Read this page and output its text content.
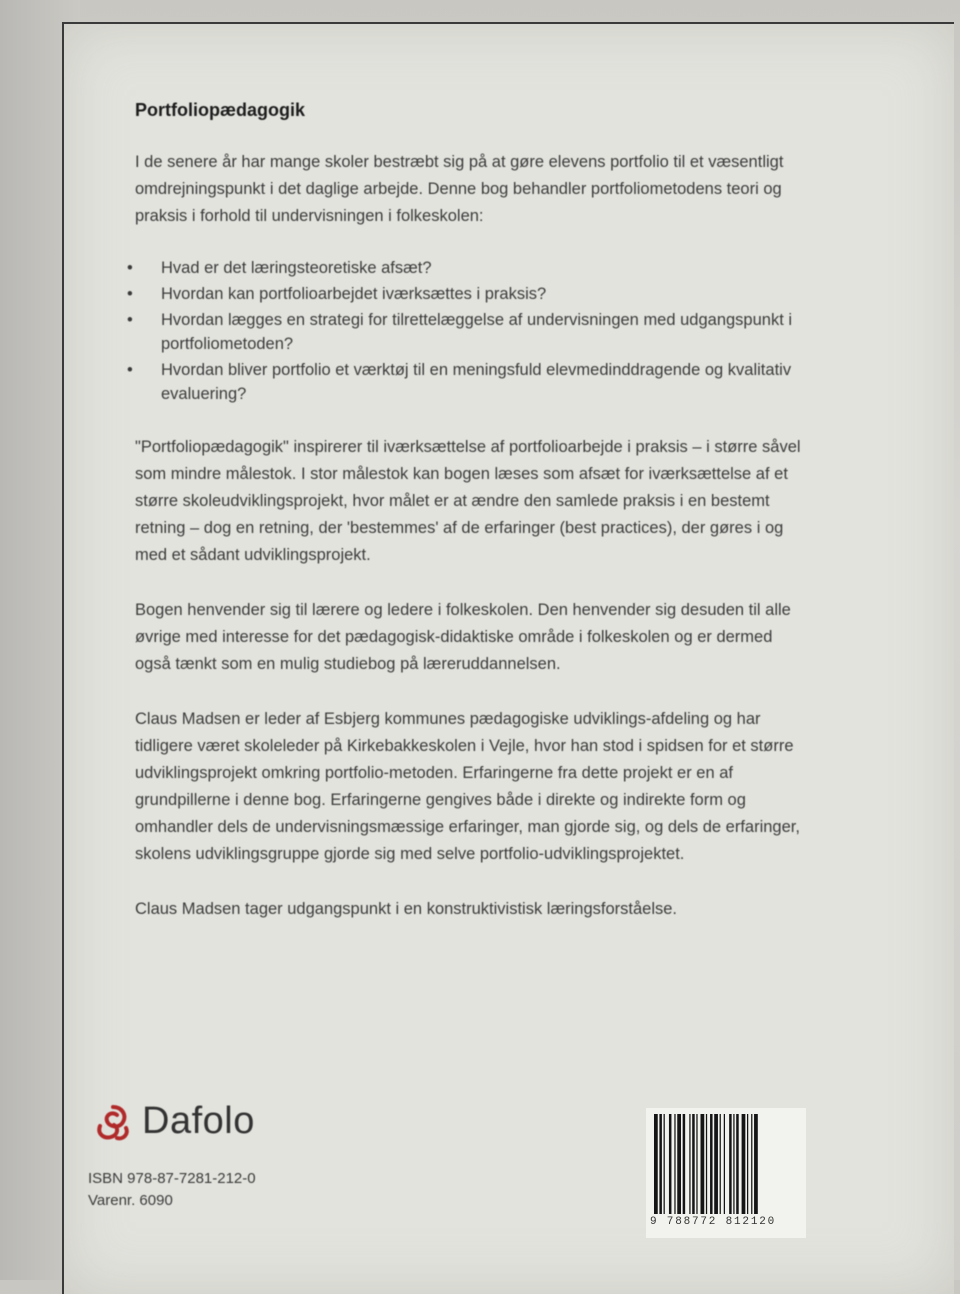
Portfoliopædagogik

I de senere år har mange skoler bestræbt sig på at gøre elevens portfolio til et væsentligt omdrejningspunkt i det daglige arbejde. Denne bog behandler portfoliometodens teori og praksis i forhold til undervisningen i folkeskolen:

• Hvad er det læringsteoretiske afsæt?
• Hvordan kan portfolioarbejdet iværksættes i praksis?
• Hvordan lægges en strategi for tilrettelæggelse af undervisningen med udgangspunkt i portfoliometoden?
• Hvordan bliver portfolio et værktøj til en meningsfuld elevmedinddragende og kvalitativ evaluering?

"Portfoliopædagogik" inspirerer til iværksættelse af portfolioarbejde i praksis – i større såvel som mindre målestok. I stor målestok kan bogen læses som afsæt for iværksættelse af et større skoleudviklingsprojekt, hvor målet er at ændre den samlede praksis i en bestemt retning – dog en retning, der 'bestemmes' af de erfaringer (best practices), der gøres i og med et sådant udviklingsprojekt.

Bogen henvender sig til lærere og ledere i folkeskolen. Den henvender sig desuden til alle øvrige med interesse for det pædagogisk-didaktiske område i folkeskolen og er dermed også tænkt som en mulig studiebog på læreruddannelsen.

Claus Madsen er leder af Esbjerg kommunes pædagogiske udviklings-afdeling og har tidligere været skoleleder på Kirkebakkeskolen i Vejle, hvor han stod i spidsen for et større udviklingsprojekt omkring portfolio-metoden. Erfaringerne fra dette projekt er en af grundpillerne i denne bog. Erfaringerne gengives både i direkte og indirekte form og omhandler dels de undervisningsmæssige erfaringer, man gjorde sig, og dels de erfaringer, skolens udviklingsgruppe gjorde sig med selve portfolio-udviklingsprojektet.

Claus Madsen tager udgangspunkt i en konstruktivistisk læringsforståelse.

Dafolo
ISBN 978-87-7281-212-0
Varenr. 6090
9 788772 812120
